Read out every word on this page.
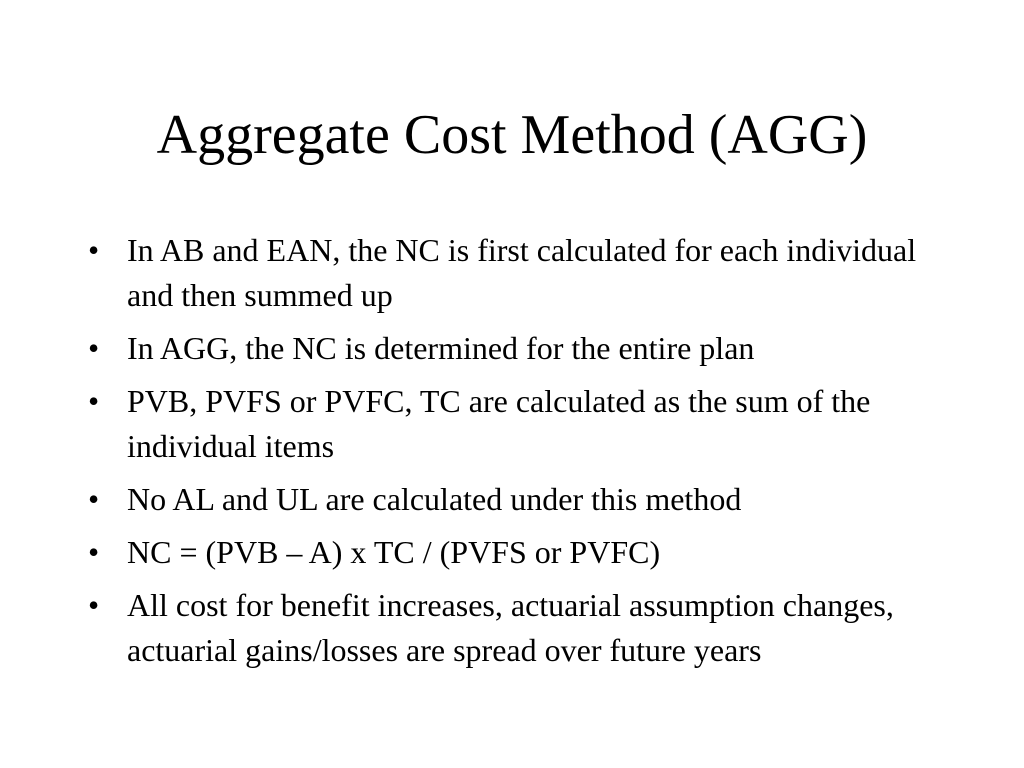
Aggregate Cost Method (AGG)
• In AB and EAN, the NC is first calculated for each individual and then summed up
• In AGG, the NC is determined for the entire plan
• PVB, PVFS or PVFC, TC are calculated as the sum of the individual items
• No AL and UL are calculated under this method
• NC = (PVB – A) x TC / (PVFS or PVFC)
• All cost for benefit increases, actuarial assumption changes, actuarial gains/losses are spread over future years
